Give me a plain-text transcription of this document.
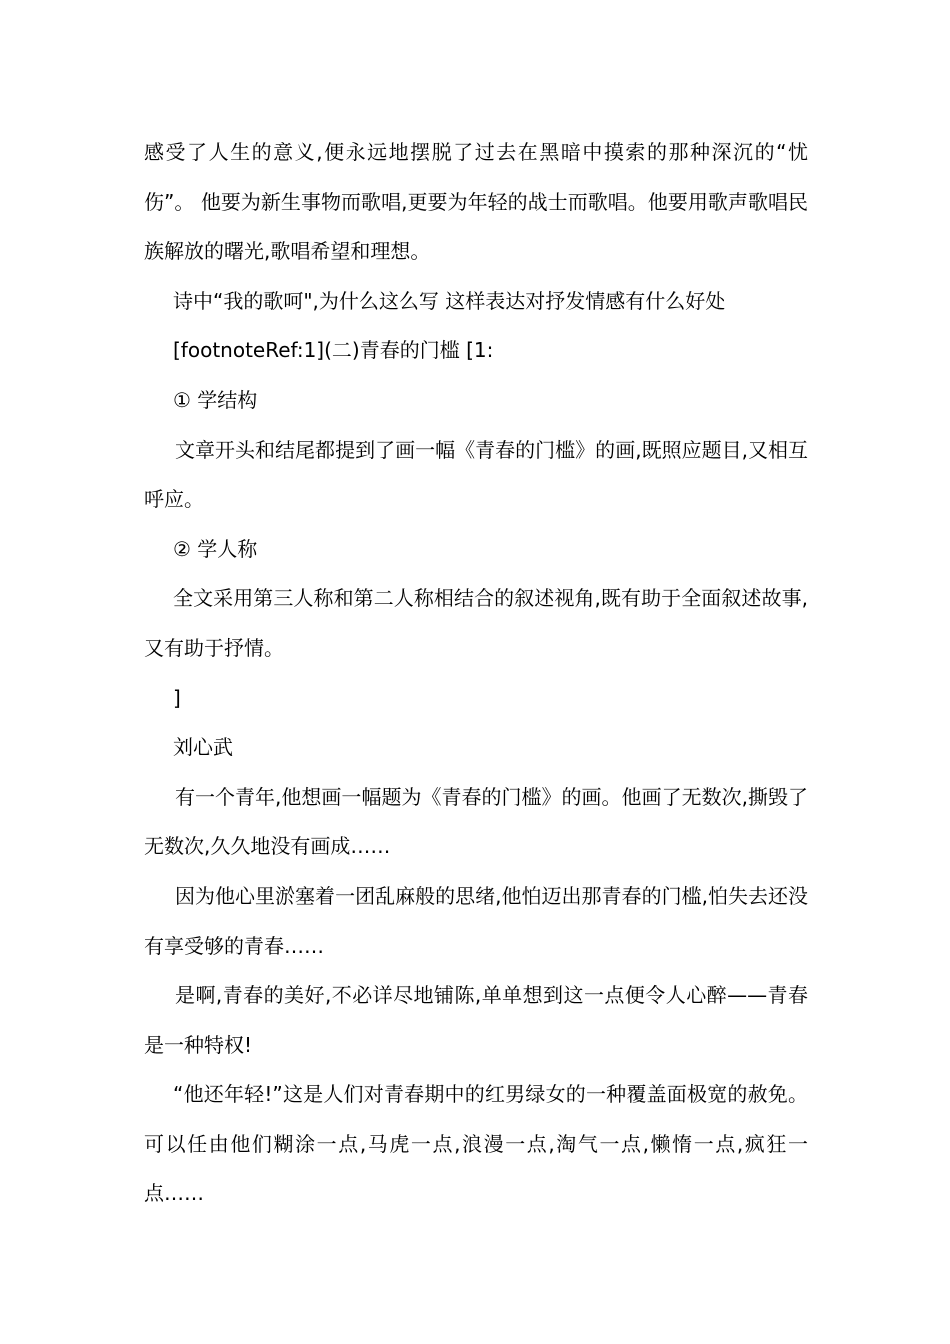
感受了人生的意义,便永远地摆脱了过去在黑暗中摸索的那种深沉的“忧伤”。 他要为新生事物而歌唱,更要为年轻的战士而歌唱。他要用歌声歌唱民族解放的曙光,歌唱希望和理想。

诗中“我的歌呵",为什么这么写 这样表达对抒发情感有什么好处

[footnoteRef:1](二)青春的门槛 [1:

① 学结构

文章开头和结尾都提到了画一幅《青春的门槛》的画,既照应题目,又相互呼应。

② 学人称

全文采用第三人称和第二人称相结合的叙述视角,既有助于全面叙述故事,又有助于抒情。

]

刘心武

有一个青年,他想画一幅题为《青春的门槛》的画。他画了无数次,撕毁了无数次,久久地没有画成……

因为他心里淤塞着一团乱麻般的思绪,他怕迈出那青春的门槛,怕失去还没有享受够的青春……

是啊,青春的美好,不必详尽地铺陈,单单想到这一点便令人心醉——青春是一种特权!

“他还年轻!”这是人们对青春期中的红男绿女的一种覆盖面极宽的赦免。可以任由他们糊涂一点,马虎一点,浪漫一点,淘气一点,懒惰一点,疯狂一点……
